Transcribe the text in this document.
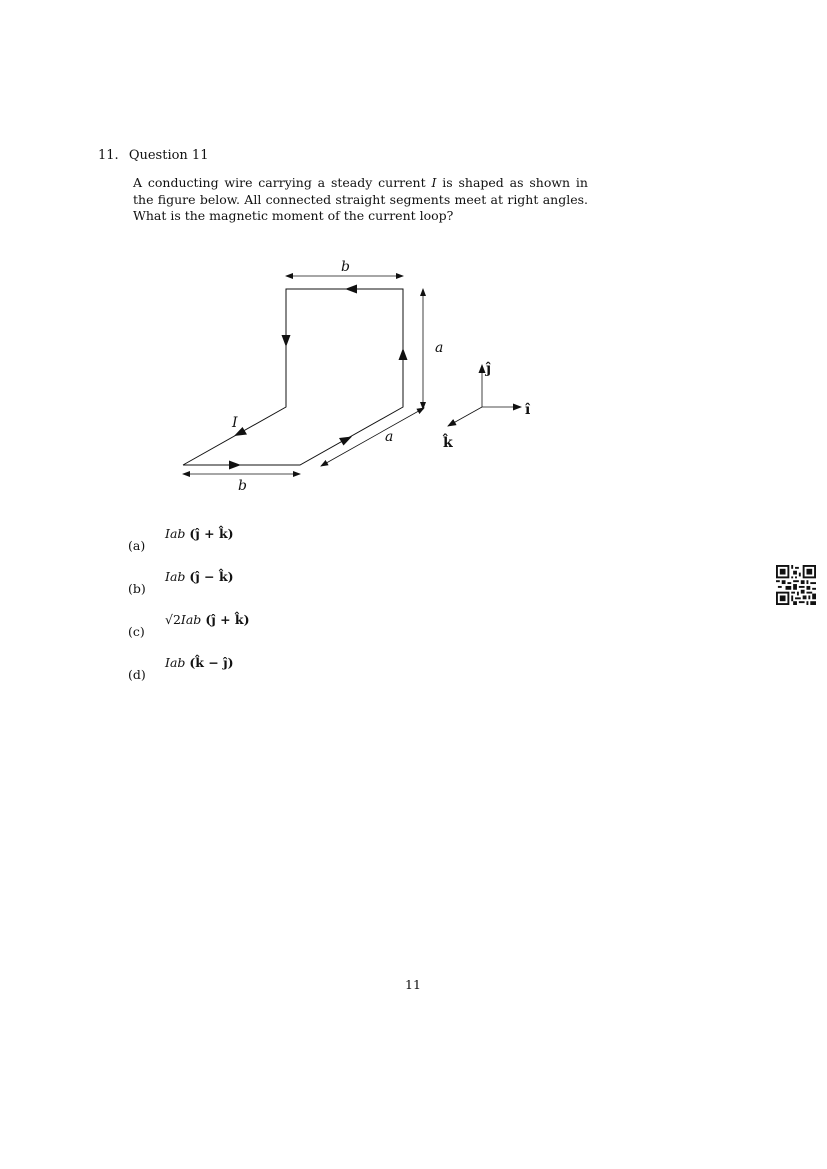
11. Question 11
A conducting wire carrying a steady current I is shaped as shown in the figure below. All connected straight segments meet at right angles. What is the magnetic moment of the current loop?
b
a
I
a
b
ĵ
î
k̂
(a)
Iab (ĵ + k̂)
(b)
Iab (ĵ − k̂)
(c)
√2Iab (ĵ + k̂)
(d)
Iab (k̂ − ĵ)
11
